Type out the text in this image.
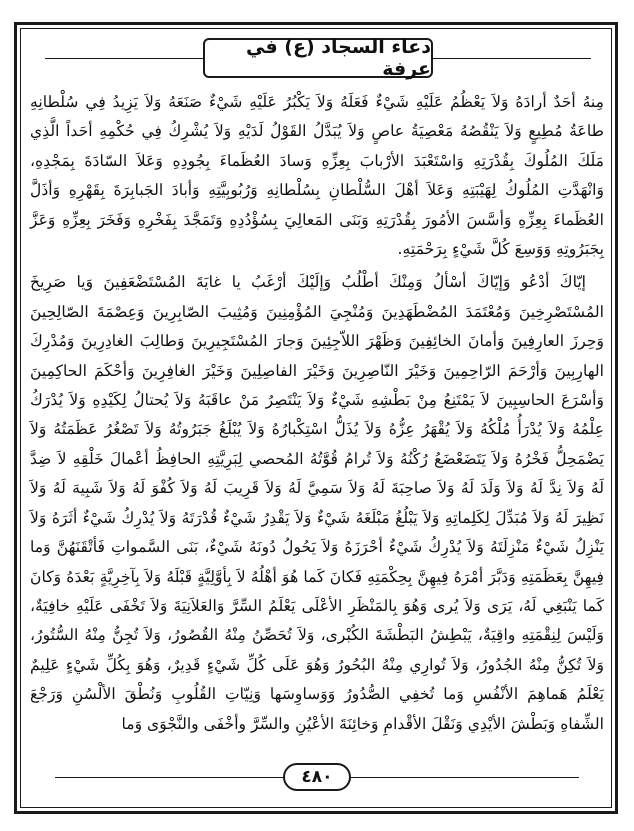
دعاء السجاد (ع) في عرفة

مِنهُ أحَدٌ أرادَهُ وَلاَ يَعْظُمُ عَلَيْهِ شَيْءٌ فَعَلَهُ وَلاَ يَكْبُرُ عَلَيْهِ شَيْءٌ صَنَعَهُ وَلاَ يَزِيدُ فِي سُلْطانِهِ طاعَةُ مُطِيعٍ وَلاَ يَنْقُصُهُ مَعْصِيَةُ عاصٍ وَلاَ يُبَدَّلُ القَوْلُ لَدَيْهِ وَلاَ يُشْرِكُ فِي حُكْمِهِ أحَداً الَّذِي مَلَكَ المُلُوكَ بِقُدْرَتِهِ وَاسْتَعْبَدَ الأرْبابَ بِعِزِّهِ وَسادَ العُظَماءَ بِجُودِهِ وَعَلاَ السّادَةَ بِمَجْدِهِ، وَانْهَدَّتِ المُلُوكُ لِهَيْبَتِهِ وَعَلاَ أهْلَ السُّلْطانِ بِسُلْطانِهِ وَرُبُوبِيَّتِهِ وَأبادَ الجَبابِرَةَ بِقَهْرِهِ وَأذَلَّ العُظَماءَ بِعِزِّهِ وَأسَّسَ الأمُورَ بِقُدْرَتِهِ وَبَنَى المَعالِيَ بِسُؤْدُدِهِ وَتَمَجَّدَ بِفَخْرِهِ وَفَخَرَ بِعِزِّهِ وَعَزَّ بِجَبَرُوتِهِ وَوَسِعَ كُلَّ شَيْءٍ بِرَحْمَتِهِ.

إيّاكَ أدْعُو وَإيّاكَ أسْألُ وَمِنْكَ أطْلُبُ وَإلَيْكَ أرْغَبُ يا غايَةَ المُسْتَضْعَفِينَ وَيا صَرِيخَ المُسْتَصْرِخِينَ وَمُعْتَمَدَ المُضْطَهَدِينَ وَمُنْجِيَ المُؤْمِنِينَ وَمُثِيبَ الصّابِرِينَ وَعِصْمَةَ الصّالِحِينَ وَحِرزَ العارِفِينَ وَأمانَ الخائِفِينَ وَظَهْرَ اللاّجِئِينَ وَجارَ المُسْتَجِيرِينَ وَطالِبَ الغادِرِينَ وَمُدْرِكَ الهارِبِينَ وَأرْحَمَ الرّاحِمِينَ وَخَيْرَ النّاصِرِينَ وَخَيْرَ الفاصِلِينَ وَخَيْرَ الغافِرِينَ وَأحْكَمَ الحاكِمِينَ وَأسْرَعَ الحاسِبِينَ لاَ يَمْتَنِعُ مِنْ بَطْشِهِ شَيْءٌ وَلاَ يَنْتَصِرُ مَنْ عاقَبَهُ وَلاَ يُحتالُ لِكَيْدِهِ وَلاَ يُدْرَكُ عِلْمُهُ وَلاَ يُدْرَأُ مُلْكُهُ وَلاَ يُقْهَرُ عِزُّهُ وَلاَ يُذَلُّ اسْتِكْبارُهُ وَلاَ يُبْلَغُ جَبَرُوتُهُ وَلاَ تَصْغُرُ عَظَمَتُهُ وَلاَ يَضْمَحِلُّ فَخْرُهُ وَلاَ يَتَضَعْضَعُ رُكْنُهُ وَلاَ تُرامُ قُوَّتُهُ المُحصي لِبَرِيَّتِهِ الحافِظُ أعْمالَ خَلْقِهِ لاَ ضِدَّ لَهُ وَلاَ نِدَّ لَهُ وَلاَ وَلَدَ لَهُ وَلاَ صاحِبَةَ لَهُ وَلاَ سَمِيَّ لَهُ وَلاَ قَرِيبَ لَهُ وَلاَ كُفْوَ لَهُ وَلاَ شَبِيهَ لَهُ وَلاَ نَظِيرَ لَهُ وَلاَ مُبَدِّلَ لِكَلِماتِهِ وَلاَ يَبْلُغُ مَبْلَغَهُ شَيْءٌ وَلاَ يَقْدِرُ شَيْءٌ قُدْرَتَهُ وَلاَ يُدْرِكُ شَيْءٌ أثَرَهُ وَلاَ يَنْزِلُ شَيْءٌ مَنْزِلَتَهُ وَلاَ يُدْرِكُ شَيْءٌ أحْرَزَهُ وَلاَ يَحُولُ دُونَهُ شَيْءٌ، بَنَى السَّمواتِ فَأتْقَنَهُنَّ وَما فِيهِنَّ بِعَظَمَتِهِ وَدَبَّرَ أمْرَهُ فِيهِنَّ بِحِكْمَتِهِ فَكانَ كَما هُوَ أهْلُهُ لاَ بِأوَّلِيَّةٍ قَبْلَهُ وَلاَ بِآخِرِيَّةٍ بَعْدَهُ وَكانَ كَما يَنْبَغِي لَهُ، يَرَى وَلاَ يُرى وَهُوَ بِالمَنْظَرِ الأعْلَى يَعْلَمُ السِّرَّ وَالعَلاَنِيَةَ وَلاَ تَخْفَى عَلَيْهِ خافِيَةٌ، وَلَيْسَ لِنِقْمَتِهِ واقِيَةٌ، يَبْطِشُ البَطْشَةَ الكُبْرى، وَلاَ تُحَصِّنُ مِنْهُ القُصُورُ، وَلاَ تُجِنُّ مِنْهُ السُّتُورُ، وَلاَ تُكِنُّ مِنْهُ الجُدُورُ، وَلاَ تُوارِي مِنْهُ البُحُورُ وَهُوَ عَلَى كُلِّ شَيْءٍ قَدِيرٌ، وَهُوَ بِكُلِّ شَيْءٍ عَلِيمٌ يَعْلَمُ هَماهِمَ الأنْفُسِ وَما تُخفِي الصُّدُورُ وَوَساوِسَها وَنِيّاتِ القُلُوبِ وَنُطْقَ الألْسُنِ وَرَجْعَ الشِّفاهِ وَبَطْشَ الأيْدِي وَنَقْلَ الأقْدامِ وَخائِنَةَ الأعْيُنِ والسِّرَّ وأخْفَى والنَّجْوَى وَما

٤٨٠
